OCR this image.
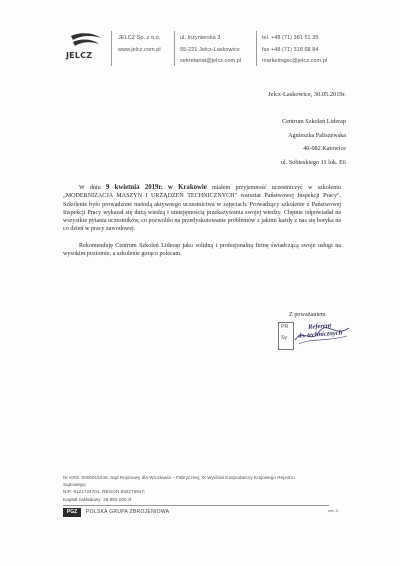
JELCZ
JELCZ Sp. z o.o.
www.jelcz.com.pl
ul. Inżynierska 3
55-221 Jelcz-Laskowice
sekretariat@jelcz.com.pl
tel. +48 (71) 381 51 35
fax +48 (71) 318 68 84
marketingsc@jelcz.com.pl
Jelcz-Laskowice, 30.05.2019r.
Centrum Szkoleń Liderap
Agnieszka Paliszewska
40-082 Katowice
ul. Sobieskiego 11 lok. E6

W dniu 9 kwietnia 2019r. w Krakowie miałem przyjemność uczestniczyć w szkoleniu „MODERNIZACJA MASZYN I URZĄDZEŃ TECHNICZNYCH" warsztat Państwowej Inspekcji Pracy". Szkolenie było prowadzone metodą aktywnego uczestnictwa w zajęciach. Prowadzący szkolenie z Państwowej Inspekcji Pracy wykazał się dużą wiedzą i umiejętnością przekazywania swojej wiedzy. Chętnie odpowiadał na wszystkie pytania uczestników, co pozwoliło na przedyskutowanie problemów z jakimi każdy z nas się boryka na co dzień w pracy zawodowej.

Rekomenduję Centrum Szkoleń Liderap jako solidną i profesjonalną firmę świadczącą swoje usługi na wysokim poziomie, a szkolenie gorąco polecam.

Z poważaniem
PR
Sy
Referent
ds. technicznych
Nr KRS: 0000015446, Sąd Rejonowy dla Wrocławia – Fabrycznej, IX Wydział Gospodarczy Krajowego Rejestru
Sądowego;
NIP: 9121724701, REGON 932276947;
Kapitał zakładowy: 28 983 000 zł
PGZ	POLSKA GRUPA ZBROJENIOWA	wer. 1/
